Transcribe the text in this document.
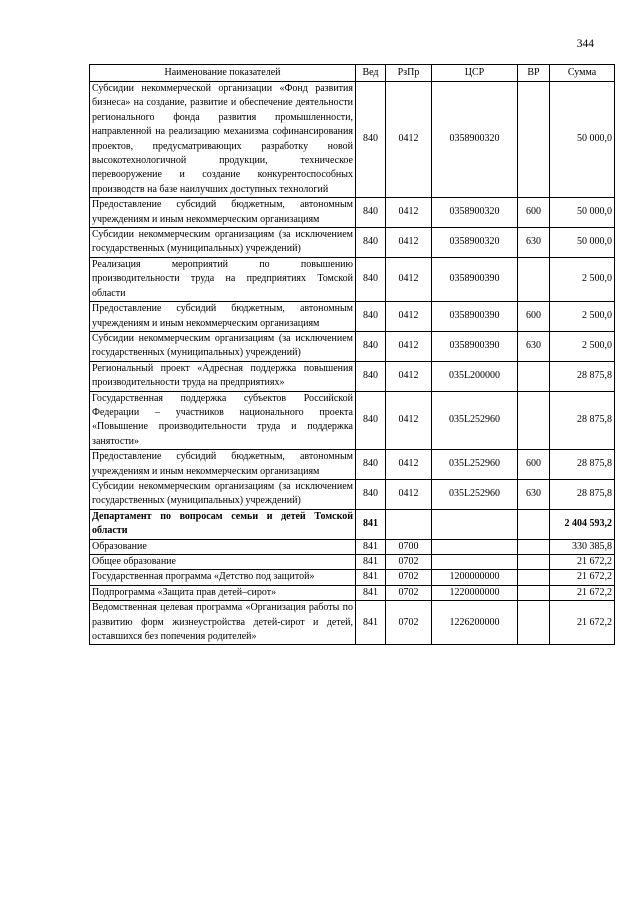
344
Наименование показателей	Вед	РзПр	ЦСР	ВР	Сумма
Субсидии некоммерческой организации «Фонд развития бизнеса» на создание, развитие и обеспечение деятельности регионального фонда развития промышленности, направленной на реализацию механизма софинансирования проектов, предусматривающих разработку новой высокотехнологичной продукции, техническое перевооружение и создание конкурентоспособных производств на базе наилучших доступных технологий	840	0412	0358900320		50 000,0
Предоставление субсидий бюджетным, автономным учреждениям и иным некоммерческим организациям	840	0412	0358900320	600	50 000,0
Субсидии некоммерческим организациям (за исключением государственных (муниципальных) учреждений)	840	0412	0358900320	630	50 000,0
Реализация мероприятий по повышению производительности труда на предприятиях Томской области	840	0412	0358900390		2 500,0
Предоставление субсидий бюджетным, автономным учреждениям и иным некоммерческим организациям	840	0412	0358900390	600	2 500,0
Субсидии некоммерческим организациям (за исключением государственных (муниципальных) учреждений)	840	0412	0358900390	630	2 500,0
Региональный проект «Адресная поддержка повышения производительности труда на предприятиях»	840	0412	035L200000		28 875,8
Государственная поддержка субъектов Российской Федерации – участников национального проекта «Повышение производительности труда и поддержка занятости»	840	0412	035L252960		28 875,8
Предоставление субсидий бюджетным, автономным учреждениям и иным некоммерческим организациям	840	0412	035L252960	600	28 875,8
Субсидии некоммерческим организациям (за исключением государственных (муниципальных) учреждений)	840	0412	035L252960	630	28 875,8
Департамент по вопросам семьи и детей Томской области	841				2 404 593,2
Образование	841	0700			330 385,8
Общее образование	841	0702			21 672,2
Государственная программа «Детство под защитой»	841	0702	1200000000		21 672,2
Подпрограмма «Защита прав детей–сирот»	841	0702	1220000000		21 672,2
Ведомственная целевая программа «Организация работы по развитию форм жизнеустройства детей-сирот и детей, оставшихся без попечения родителей»	841	0702	1226200000		21 672,2
